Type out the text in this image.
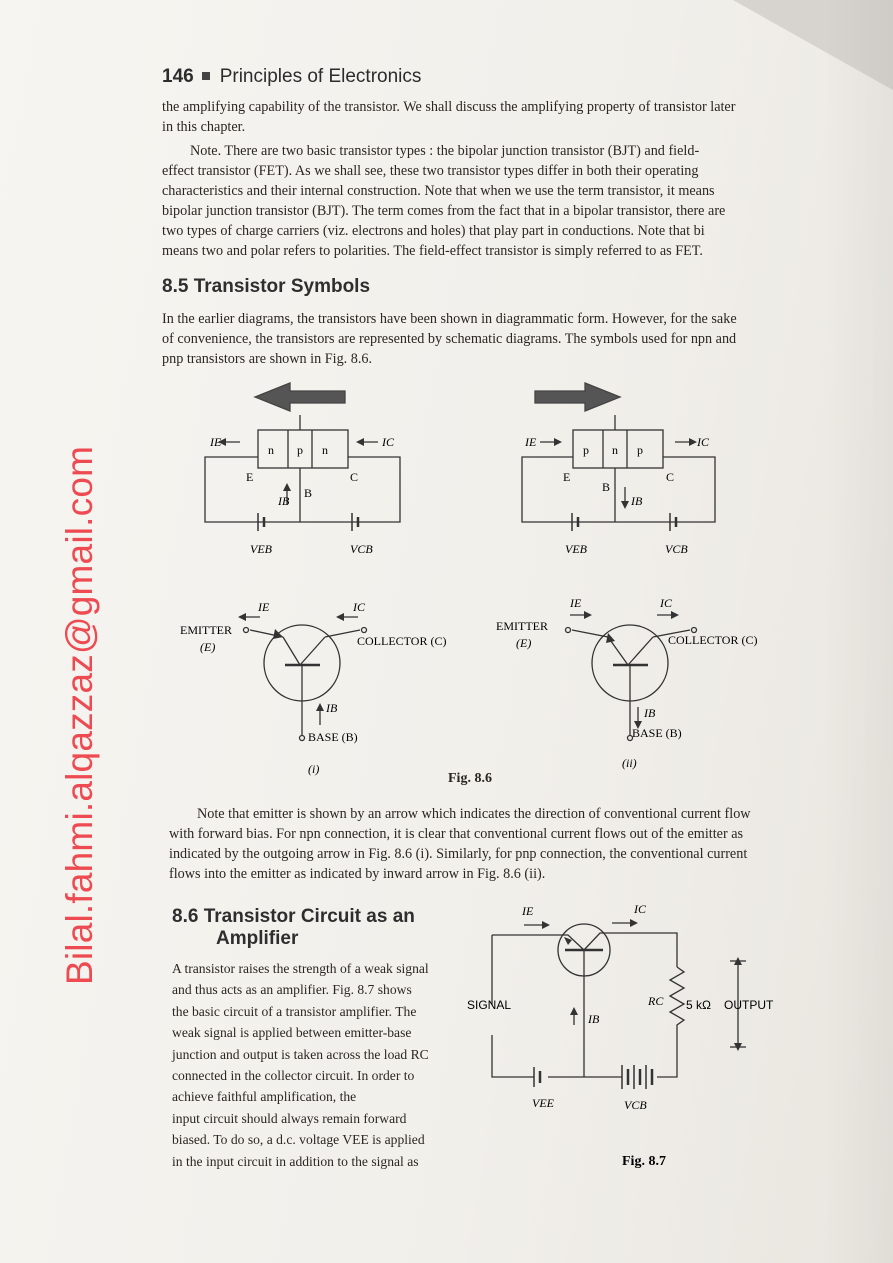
Bilal.fahmi.alqazzaz@gmail.com
146 Principles of Electronics
the amplifying capability of the transistor. We shall discuss the amplifying property of transistor later
in this chapter.
Note. There are two basic transistor types : the bipolar junction transistor (BJT) and field-
effect transistor (FET). As we shall see, these two transistor types differ in both their operating
characteristics and their internal construction. Note that when we use the term transistor, it means
bipolar junction transistor (BJT). The term comes from the fact that in a bipolar transistor, there are
two types of charge carriers (viz. electrons and holes) that play part in conductions. Note that bi
means two and polar refers to polarities. The field-effect transistor is simply referred to as FET.
8.5 Transistor Symbols
In the earlier diagrams, the transistors have been shown in diagrammatic form. However, for the sake
of convenience, the transistors are represented by schematic diagrams. The symbols used for npn and
pnp transistors are shown in Fig. 8.6.
n p n
IE	IC
E
B
C
IB
VEB	VCB
p n p
IE	IC
E
B
C
IB
VEB	VCB
EMITTER
(E)	COLLECTOR (C)
BASE (B)
IE	IC
IB
(i)
EMITTER
(E)	COLLECTOR (C)
BASE (B)
IE	IC
IB
(ii)
Fig. 8.6
Note that emitter is shown by an arrow which indicates the direction of conventional current flow
with forward bias. For npn connection, it is clear that conventional current flows out of the emitter as
indicated by the outgoing arrow in Fig. 8.6 (i). Similarly, for pnp connection, the conventional current
flows into the emitter as indicated by inward arrow in Fig. 8.6 (ii).
8.6 Transistor Circuit as an
Amplifier
A transistor raises the strength of a weak signal
and thus acts as an amplifier. Fig. 8.7 shows
the basic circuit of a transistor amplifier. The
weak signal is applied between emitter-base
junction and output is taken across the load RC
connected in the collector circuit. In order to
achieve faithful amplification, the
input circuit should always remain forward
biased. To do so, a d.c. voltage VEE is applied
in the input circuit in addition to the signal as
IE	IC
IB
SIGNAL	RC 5 kΩ OUTPUT
VEE	VCB
Fig. 8.7
